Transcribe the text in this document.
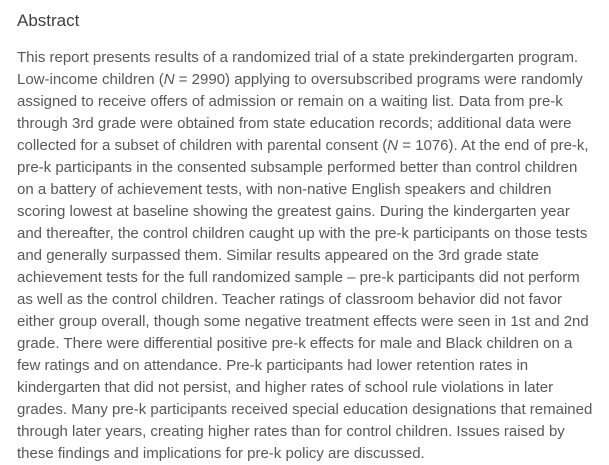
Abstract

This report presents results of a randomized trial of a state prekindergarten program. Low-income children (N = 2990) applying to oversubscribed programs were randomly assigned to receive offers of admission or remain on a waiting list. Data from pre-k through 3rd grade were obtained from state education records; additional data were collected for a subset of children with parental consent (N = 1076). At the end of pre-k, pre-k participants in the consented subsample performed better than control children on a battery of achievement tests, with non-native English speakers and children scoring lowest at baseline showing the greatest gains. During the kindergarten year and thereafter, the control children caught up with the pre-k participants on those tests and generally surpassed them. Similar results appeared on the 3rd grade state achievement tests for the full randomized sample – pre-k participants did not perform as well as the control children. Teacher ratings of classroom behavior did not favor either group overall, though some negative treatment effects were seen in 1st and 2nd grade. There were differential positive pre-k effects for male and Black children on a few ratings and on attendance. Pre-k participants had lower retention rates in kindergarten that did not persist, and higher rates of school rule violations in later grades. Many pre-k participants received special education designations that remained through later years, creating higher rates than for control children. Issues raised by these findings and implications for pre-k policy are discussed.
